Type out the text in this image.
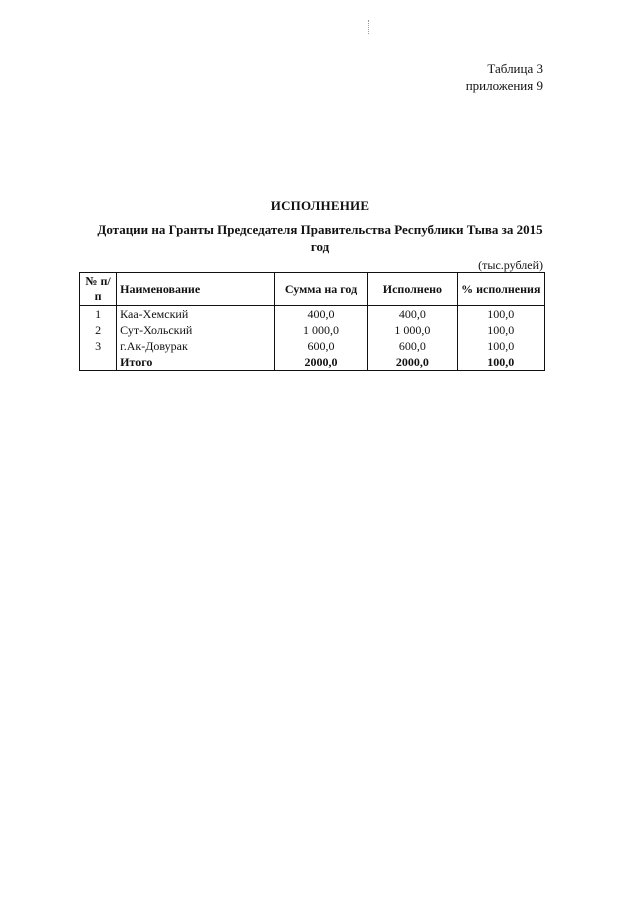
Таблица 3
приложения 9
ИСПОЛНЕНИЕ
Дотации на Гранты Председателя Правительства Республики Тыва за 2015
год
(тыс.рублей)
№ п/п	Наименование	Сумма на год	Исполнено	% исполнения
1	Каа-Хемский	400,0	400,0	100,0
2	Сут-Хольский	1 000,0	1 000,0	100,0
3	г.Ак-Довурак	600,0	600,0	100,0
	Итого	2000,0	2000,0	100,0
